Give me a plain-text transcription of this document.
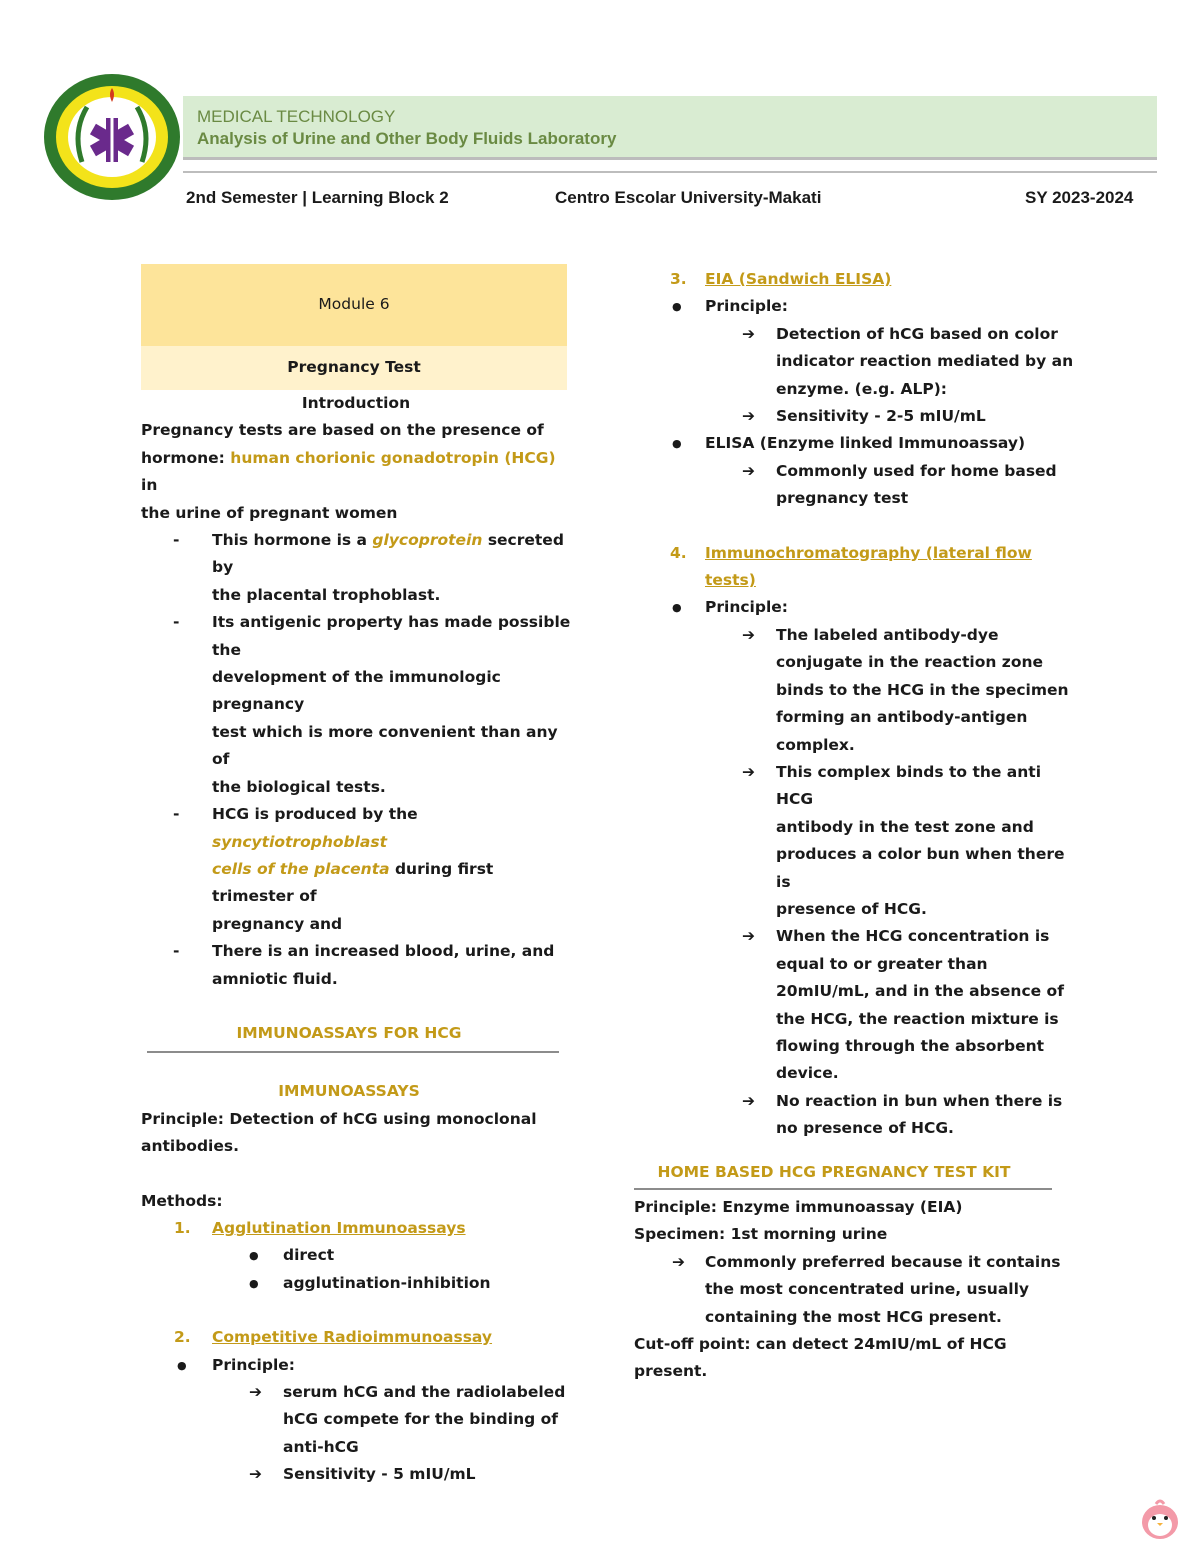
MEDICAL TECHNOLOGY
Analysis of Urine and Other Body Fluids Laboratory
2nd Semester | Learning Block 2	Centro Escolar University-Makati	SY 2023-2024
Module 6
Pregnancy Test
Introduction
Pregnancy tests are based on the presence of
hormone: human chorionic gonadotropin (HCG) in
the urine of pregnant women
- This hormone is a glycoprotein secreted by
the placental trophoblast.
- Its antigenic property has made possible the
development of the immunologic pregnancy
test which is more convenient than any of
the biological tests.
- HCG is produced by the syncytiotrophoblast
cells of the placenta during first trimester of
pregnancy and
- There is an increased blood, urine, and
amniotic fluid.
IMMUNOASSAYS FOR HCG
IMMUNOASSAYS
Principle: Detection of hCG using monoclonal
antibodies.
Methods:
1. Agglutination Immunoassays
● direct
● agglutination-inhibition
2. Competitive Radioimmunoassay
● Principle:
➔ serum hCG and the radiolabeled
hCG compete for the binding of
anti-hCG
➔ Sensitivity - 5 mIU/mL
3. EIA (Sandwich ELISA)
● Principle:
➔ Detection of hCG based on color
indicator reaction mediated by an
enzyme. (e.g. ALP):
➔ Sensitivity - 2-5 mIU/mL
● ELISA (Enzyme linked Immunoassay)
➔ Commonly used for home based
pregnancy test
4. Immunochromatography (lateral flow
tests)
● Principle:
➔ The labeled antibody-dye
conjugate in the reaction zone
binds to the HCG in the specimen
forming an antibody-antigen
complex.
➔ This complex binds to the anti HCG
antibody in the test zone and
produces a color bun when there is
presence of HCG.
➔ When the HCG concentration is
equal to or greater than
20mIU/mL, and in the absence of
the HCG, the reaction mixture is
flowing through the absorbent
device.
➔ No reaction in bun when there is
no presence of HCG.
HOME BASED HCG PREGNANCY TEST KIT
Principle: Enzyme immunoassay (EIA)
Specimen: 1st morning urine
➔ Commonly preferred because it contains
the most concentrated urine, usually
containing the most HCG present.
Cut-off point: can detect 24mIU/mL of HCG present.
